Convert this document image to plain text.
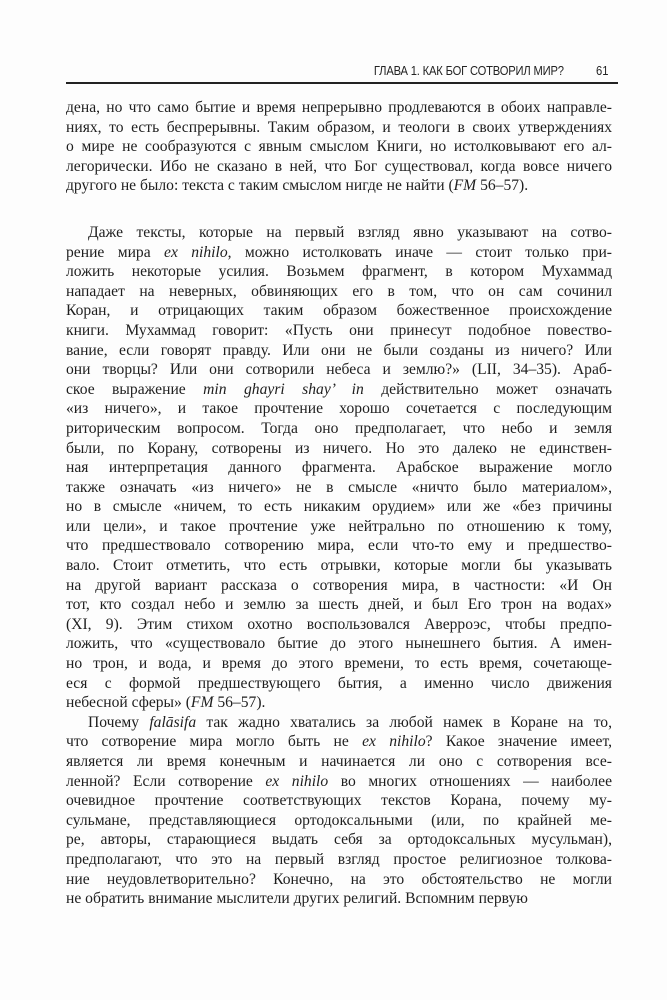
ГЛАВА 1. КАК БОГ СОТВОРИЛ МИР? 61

дена, но что само бытие и время непрерывно продлеваются в обоих направле-
ниях, то есть беспрерывны. Таким образом, и теологи в своих утверждениях
о мире не сообразуются с явным смыслом Книги, но истолковывают его ал-
легорически. Ибо не сказано в ней, что Бог существовал, когда вовсе ничего
другого не было: текста с таким смыслом нигде не найти (FM 56–57).

Даже тексты, которые на первый взгляд явно указывают на сотво-
рение мира ex nihilo, можно истолковать иначе — стоит только при-
ложить некоторые усилия. Возьмем фрагмент, в котором Мухаммад
нападает на неверных, обвиняющих его в том, что он сам сочинил
Коран, и отрицающих таким образом божественное происхождение
книги. Мухаммад говорит: «Пусть они принесут подобное повество-
вание, если говорят правду. Или они не были созданы из ничего? Или
они творцы? Или они сотворили небеса и землю?» (LII, 34–35). Араб-
ское выражение min ghayri shay’ in действительно может означать
«из ничего», и такое прочтение хорошо сочетается с последующим
риторическим вопросом. Тогда оно предполагает, что небо и земля
были, по Корану, сотворены из ничего. Но это далеко не единствен-
ная интерпретация данного фрагмента. Арабское выражение могло
также означать «из ничего» не в смысле «ничто было материалом»,
но в смысле «ничем, то есть никаким орудием» или же «без причины
или цели», и такое прочтение уже нейтрально по отношению к тому,
что предшествовало сотворению мира, если что-то ему и предшество-
вало. Стоит отметить, что есть отрывки, которые могли бы указывать
на другой вариант рассказа о сотворения мира, в частности: «И Он
тот, кто создал небо и землю за шесть дней, и был Его трон на водах»
(XI, 9). Этим стихом охотно воспользовался Аверроэс, чтобы предпо-
ложить, что «существовало бытие до этого нынешнего бытия. А имен-
но трон, и вода, и время до этого времени, то есть время, сочетающе-
еся с формой предшествующего бытия, а именно число движения
небесной сферы» (FM 56–57).

Почему falāsifa так жадно хватались за любой намек в Коране на то,
что сотворение мира могло быть не ex nihilo? Какое значение имеет,
является ли время конечным и начинается ли оно с сотворения все-
ленной? Если сотворение ex nihilo во многих отношениях — наиболее
очевидное прочтение соответствующих текстов Корана, почему му-
сульмане, представляющиеся ортодоксальными (или, по крайней ме-
ре, авторы, старающиеся выдать себя за ортодоксальных мусульман),
предполагают, что это на первый взгляд простое религиозное толкова-
ние неудовлетворительно? Конечно, на это обстоятельство не могли
не обратить внимание мыслители других религий. Вспомним первую
